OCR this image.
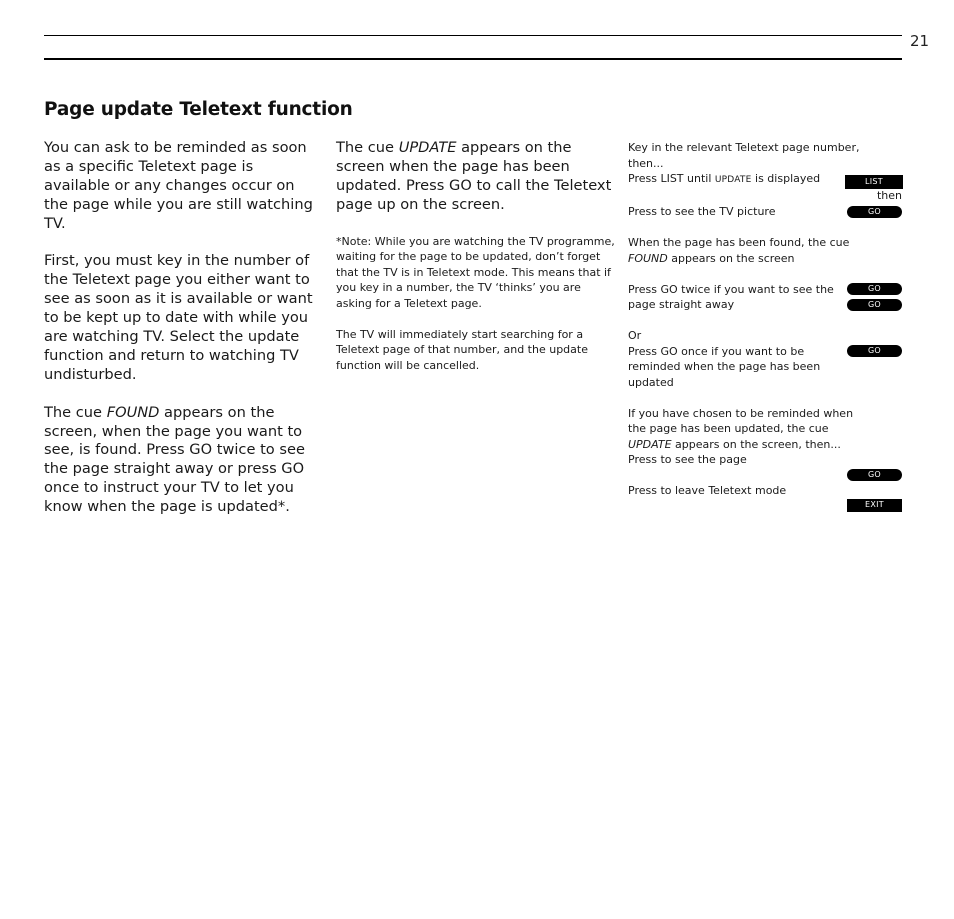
21
Page update Teletext function

You can ask to be reminded as soon as a specific Teletext page is available or any changes occur on the page while you are still watching TV.

First, you must key in the number of the Teletext page you either want to see as soon as it is available or want to be kept up to date with while you are watching TV. Select the update function and return to watching TV undisturbed.

The cue FOUND appears on the screen, when the page you want to see, is found. Press GO twice to see the page straight away or press GO once to instruct your TV to let you know when the page is updated*.

The cue UPDATE appears on the screen when the page has been updated. Press GO to call the Teletext page up on the screen.

*Note: While you are watching the TV programme, waiting for the page to be updated, don’t forget that the TV is in Teletext mode. This means that if you key in a number, the TV ‘thinks’ you are asking for a Teletext page.

The TV will immediately start searching for a Teletext page of that number, and the update function will be cancelled.

Key in the relevant Teletext page number, then...

Press LIST until UPDATE is displayed

Press to see the TV picture

When the page has been found, the cue FOUND appears on the screen

Press GO twice if you want to see the page straight away

Or

Press GO once if you want to be reminded when the page has been updated

If you have chosen to be reminded when the page has been updated, the cue UPDATE appears on the screen, then...

Press to see the page

Press to leave Teletext mode

LIST
then
GO
GO
GO
GO
GO
EXIT
